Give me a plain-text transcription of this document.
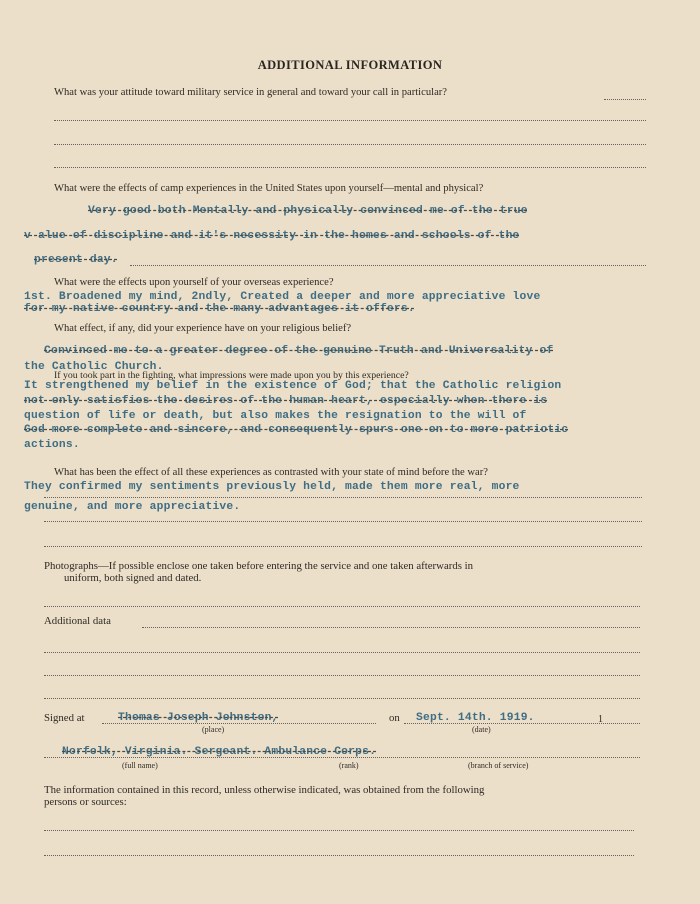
ADDITIONAL INFORMATION
What was your attitude toward military service in general and toward your call in particular?
What were the effects of camp experiences in the United States upon yourself—mental and physical?
Very good both Mentally and physically convinced me of the true
v alue of discipline and it's necessity in the homes and schools of the
present day.
What were the effects upon yourself of your overseas experience?
1st. Broadened my mind, 2ndly, Created a deeper and more appreciative love
for my native country and the many advantages it offers.
What effect, if any, did your experience have on your religious belief?
Convinced me to a greater degree of the genuine Truth and Universality of
the Catholic Church.
If you took part in the fighting, what impressions were made upon you by this experience?
It strengthened my belief in the existence of God; that the Catholic religion
not only satisfies the desires of the human heart, especially when there is
question of life or death, but also makes the resignation to the will of
God more complete and sincere, and consequently spurs one on to more patriotic
actions.
What has been the effect of all these experiences as contrasted with your state of mind before the war?
They confirmed my sentiments previously held, made them more real, more
genuine, and more appreciative.
Photographs—If possible enclose one taken before entering the service and one taken afterwards in
uniform, both signed and dated.
Additional data
Signed at	Thomas Joseph Johnston,	on Sept. 14th. 1919.	1
(place)	(date)
Norfolk, Virginia. Sergeant. Ambulance Corps.
(full name)	(rank)	(branch of service)
The information contained in this record, unless otherwise indicated, was obtained from the following
persons or sources:
